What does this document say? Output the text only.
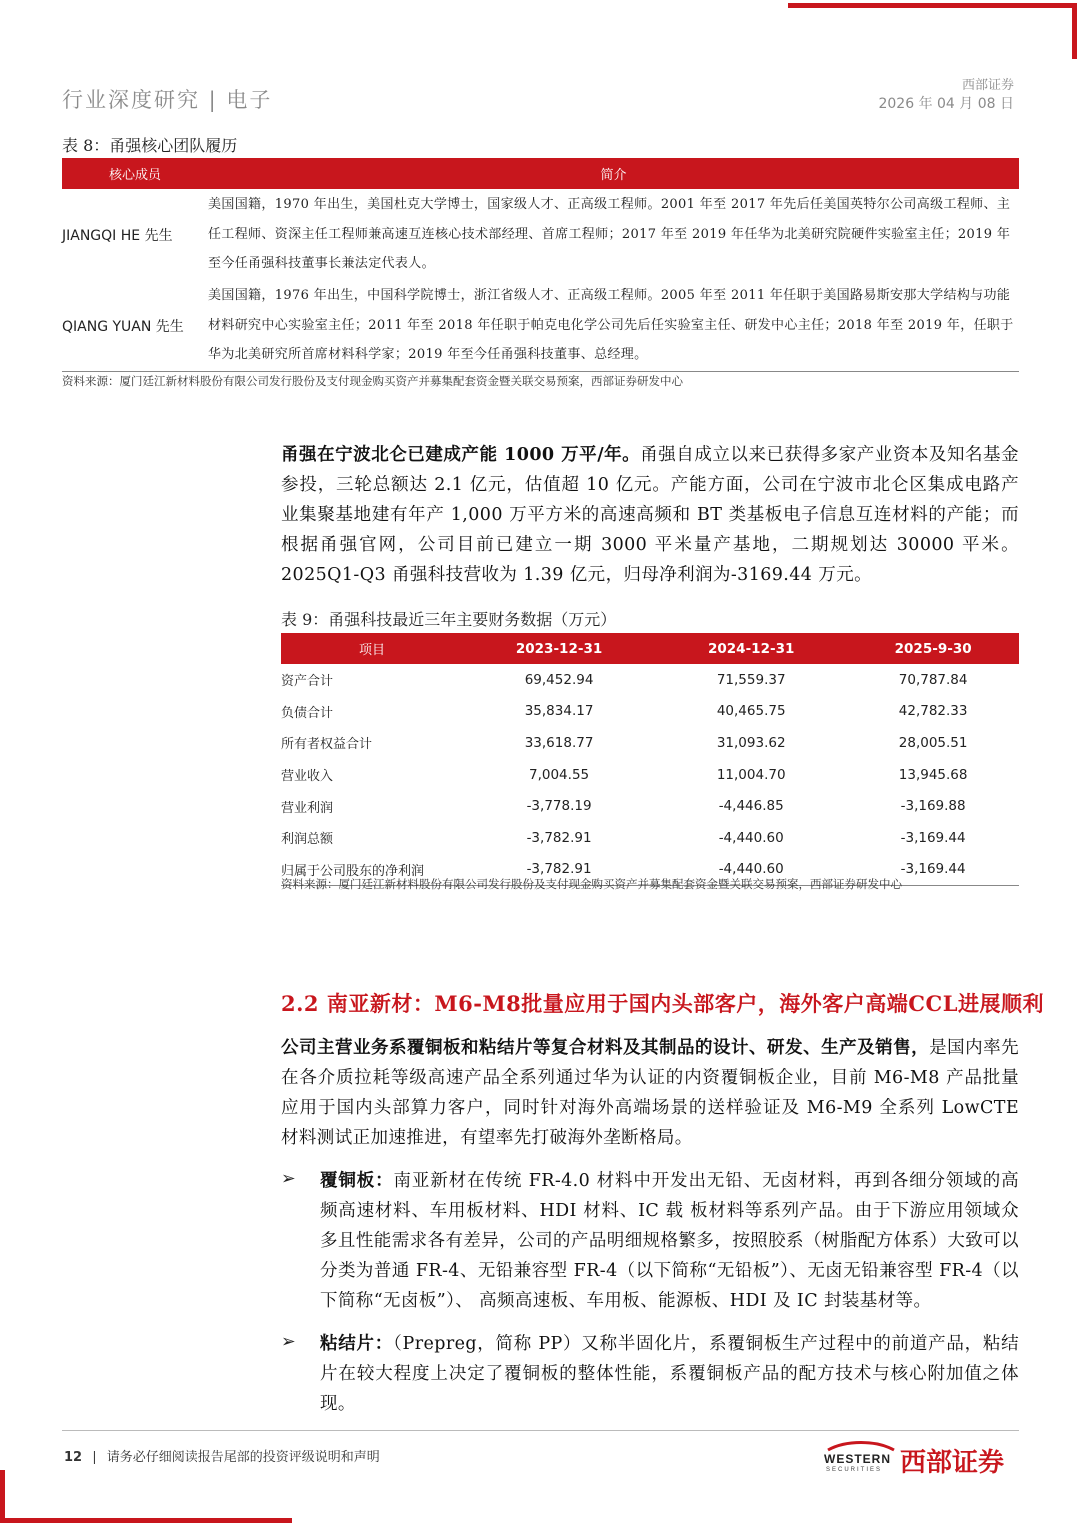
行业深度研究 | 电子
西部证券
2026 年 04 月 08 日
表 8：甬强核心团队履历
核心成员	简介
JIANGQI HE 先生	美国国籍，1970 年出生，美国杜克大学博士，国家级人才、正高级工程师。2001 年至 2017 年先后任美国英特尔公司高级工程师、主任工程师、资深主任工程师兼高速互连核心技术部经理、首席工程师；2017 年至 2019 年任华为北美研究院硬件实验室主任；2019 年至今任甬强科技董事长兼法定代表人。
QIANG YUAN 先生	美国国籍，1976 年出生，中国科学院博士，浙江省级人才、正高级工程师。2005 年至 2011 年任职于美国路易斯安那大学结构与功能材料研究中心实验室主任；2011 年至 2018 年任职于帕克电化学公司先后任实验室主任、研发中心主任；2018 年至 2019 年，任职于华为北美研究所首席材料科学家；2019 年至今任甬强科技董事、总经理。
资料来源：厦门廷江新材料股份有限公司发行股份及支付现金购买资产并募集配套资金暨关联交易预案，西部证券研发中心
甬强在宁波北仑已建成产能 1000 万平/年。甬强自成立以来已获得多家产业资本及知名基金参投，三轮总额达 2.1 亿元，估值超 10 亿元。产能方面，公司在宁波市北仑区集成电路产业集聚基地建有年产 1,000 万平方米的高速高频和 BT 类基板电子信息互连材料的产能；而根据甬强官网，公司目前已建立一期 3000 平米量产基地，二期规划达 30000 平米。2025Q1-Q3 甬强科技营收为 1.39 亿元，归母净利润为-3169.44 万元。
表 9：甬强科技最近三年主要财务数据（万元）
项目	2023-12-31	2024-12-31	2025-9-30
资产合计	69,452.94	71,559.37	70,787.84
负债合计	35,834.17	40,465.75	42,782.33
所有者权益合计	33,618.77	31,093.62	28,005.51
营业收入	7,004.55	11,004.70	13,945.68
营业利润	-3,778.19	-4,446.85	-3,169.88
利润总额	-3,782.91	-4,440.60	-3,169.44
归属于公司股东的净利润	-3,782.91	-4,440.60	-3,169.44
资料来源：厦门廷江新材料股份有限公司发行股份及支付现金购买资产并募集配套资金暨关联交易预案，西部证券研发中心
2.2 南亚新材：M6-M8批量应用于国内头部客户，海外客户高端CCL进展顺利
公司主营业务系覆铜板和粘结片等复合材料及其制品的设计、研发、生产及销售，是国内率先在各介质拉耗等级高速产品全系列通过华为认证的内资覆铜板企业，目前 M6-M8 产品批量应用于国内头部算力客户，同时针对海外高端场景的送样验证及 M6-M9 全系列 LowCTE 材料测试正加速推进，有望率先打破海外垄断格局。
➢ 覆铜板：南亚新材在传统 FR-4.0 材料中开发出无铅、无卤材料，再到各细分领域的高频高速材料、车用板材料、HDI 材料、IC 载 板材料等系列产品。由于下游应用领域众多且性能需求各有差异，公司的产品明细规格繁多，按照胶系（树脂配方体系）大致可以分类为普通 FR-4、无铅兼容型 FR-4（以下简称“无铅板”）、无卤无铅兼容型 FR-4（以下简称“无卤板”）、 高频高速板、车用板、能源板、HDI 及 IC 封装基材等。
➢ 粘结片：（Prepreg，简称 PP）又称半固化片，系覆铜板生产过程中的前道产品，粘结片在较大程度上决定了覆铜板的整体性能，系覆铜板产品的配方技术与核心附加值之体现。
12 | 请务必仔细阅读报告尾部的投资评级说明和声明	WESTERN
SECURITIES 西部证券
